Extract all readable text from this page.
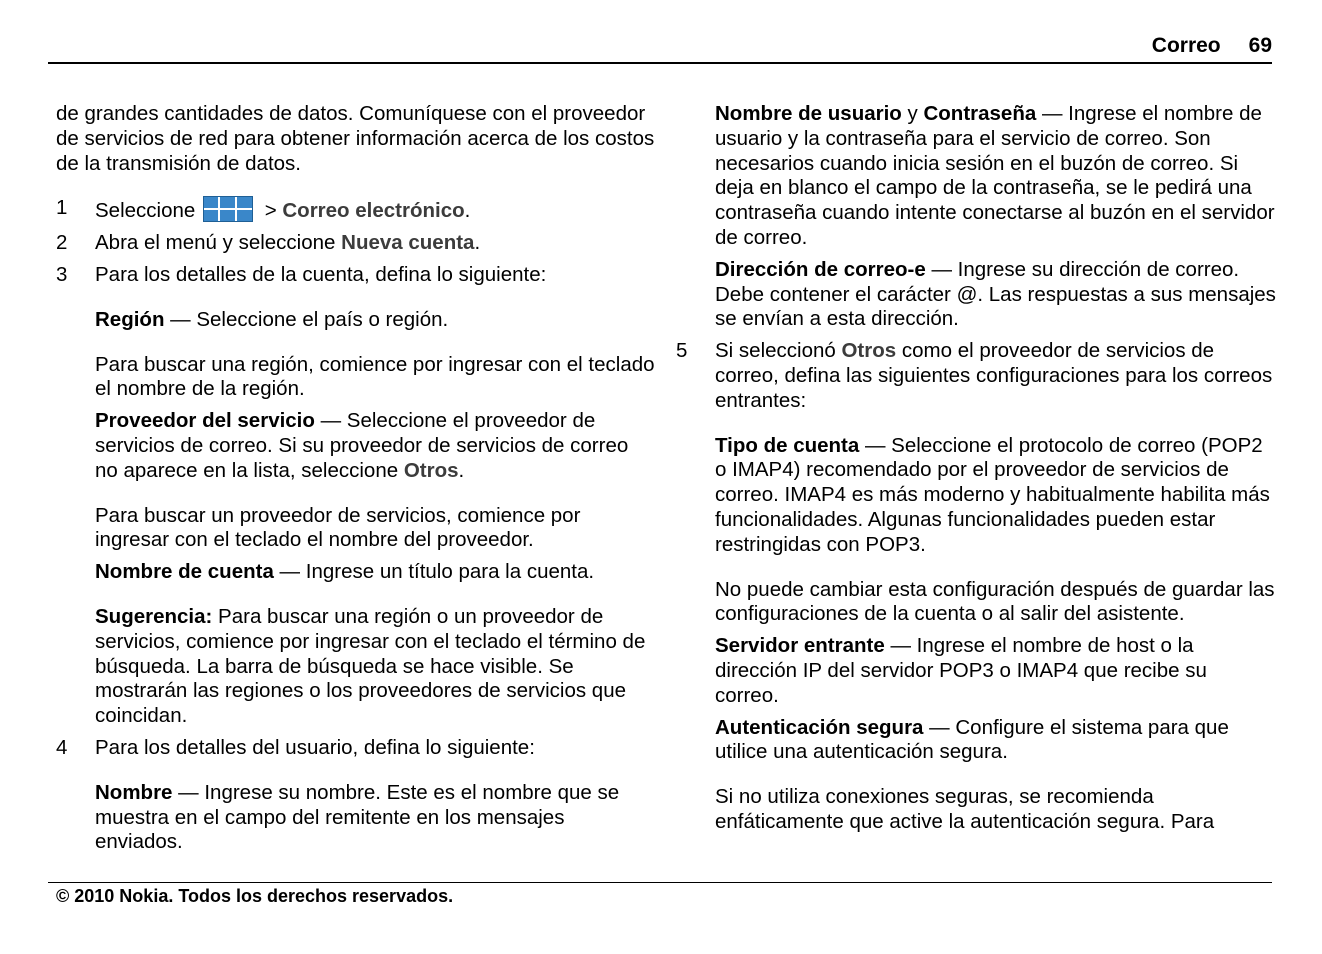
Correo 69

de grandes cantidades de datos. Comuníquese con el proveedor de servicios de red para obtener información acerca de los costos de la transmisión de datos.

1 Seleccione	> Correo electrónico.
2 Abra el menú y seleccione Nueva cuenta.
3 Para los detalles de la cuenta, defina lo siguiente:

Región — Seleccione el país o región.

Para buscar una región, comience por ingresar con el teclado el nombre de la región.

Proveedor del servicio — Seleccione el proveedor de servicios de correo. Si su proveedor de servicios de correo no aparece en la lista, seleccione Otros.

Para buscar un proveedor de servicios, comience por ingresar con el teclado el nombre del proveedor.

Nombre de cuenta — Ingrese un título para la cuenta.

Sugerencia: Para buscar una región o un proveedor de servicios, comience por ingresar con el teclado el término de búsqueda. La barra de búsqueda se hace visible. Se mostrarán las regiones o los proveedores de servicios que coincidan.

4 Para los detalles del usuario, defina lo siguiente:

Nombre — Ingrese su nombre. Este es el nombre que se muestra en el campo del remitente en los mensajes enviados.

Nombre de usuario y Contraseña — Ingrese el nombre de usuario y la contraseña para el servicio de correo. Son necesarios cuando inicia sesión en el buzón de correo. Si deja en blanco el campo de la contraseña, se le pedirá una contraseña cuando intente conectarse al buzón en el servidor de correo.

Dirección de correo-e — Ingrese su dirección de correo. Debe contener el carácter @. Las respuestas a sus mensajes se envían a esta dirección.

5 Si seleccionó Otros como el proveedor de servicios de correo, defina las siguientes configuraciones para los correos entrantes:

Tipo de cuenta — Seleccione el protocolo de correo (POP2 o IMAP4) recomendado por el proveedor de servicios de correo. IMAP4 es más moderno y habitualmente habilita más funcionalidades. Algunas funcionalidades pueden estar restringidas con POP3.

No puede cambiar esta configuración después de guardar las configuraciones de la cuenta o al salir del asistente.

Servidor entrante — Ingrese el nombre de host o la dirección IP del servidor POP3 o IMAP4 que recibe su correo.

Autenticación segura — Configure el sistema para que utilice una autenticación segura.

Si no utiliza conexiones seguras, se recomienda enfáticamente que active la autenticación segura. Para

© 2010 Nokia. Todos los derechos reservados.
